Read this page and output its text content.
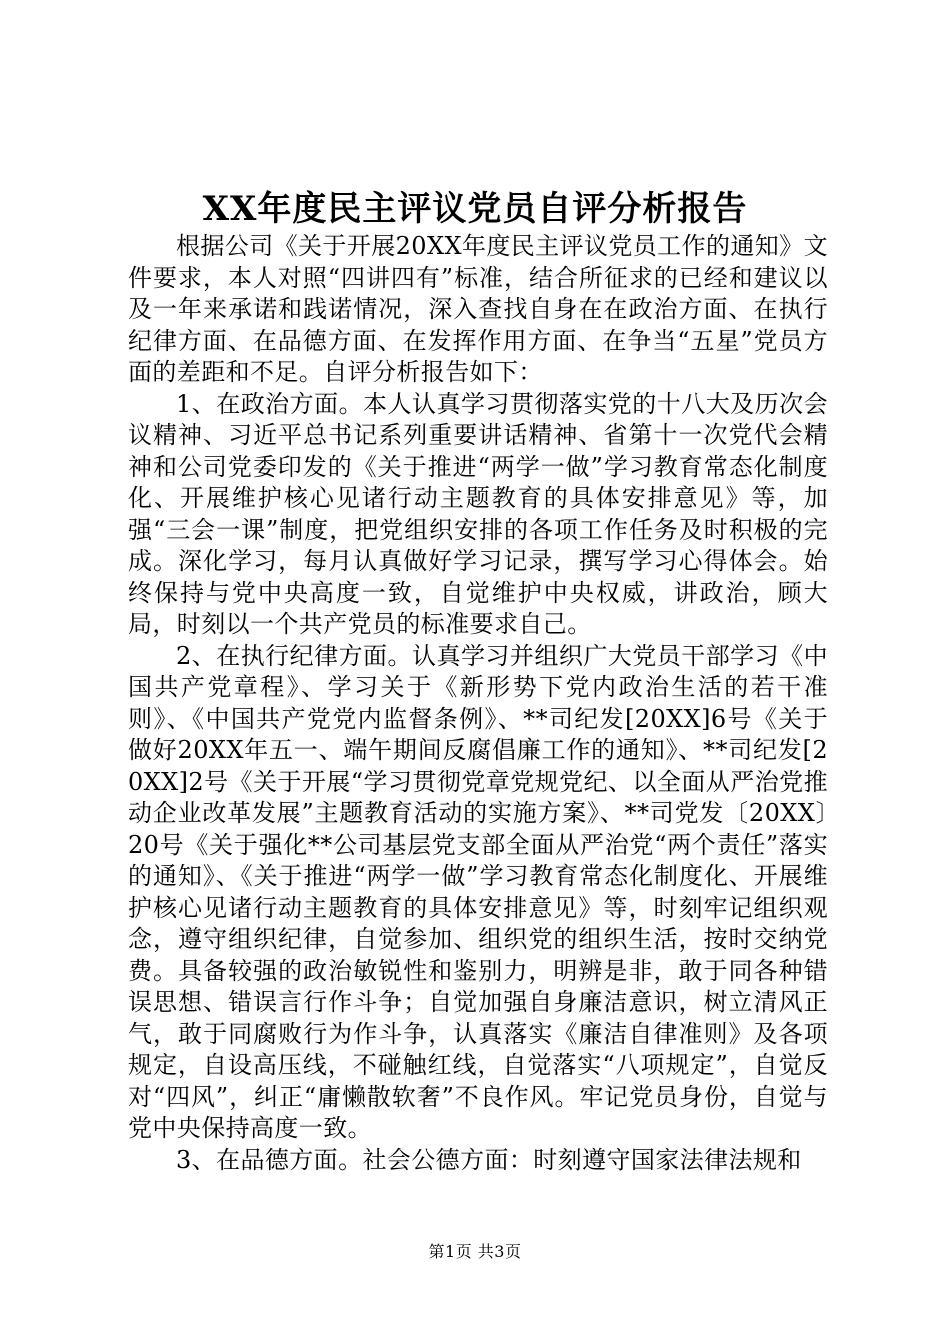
XX年度民主评议党员自评分析报告

根据公司《关于开展20XX年度民主评议党员工作的通知》文件要求，本人对照“四讲四有”标准，结合所征求的已经和建议以及一年来承诺和践诺情况，深入查找自身在在政治方面、在执行纪律方面、在品德方面、在发挥作用方面、在争当“五星”党员方面的差距和不足。自评分析报告如下：

1、在政治方面。本人认真学习贯彻落实党的十八大及历次会议精神、习近平总书记系列重要讲话精神、省第十一次党代会精神和公司党委印发的《关于推进“两学一做”学习教育常态化制度化、开展维护核心见诸行动主题教育的具体安排意见》等，加强“三会一课”制度，把党组织安排的各项工作任务及时积极的完成。深化学习，每月认真做好学习记录，撰写学习心得体会。始终保持与党中央高度一致，自觉维护中央权威，讲政治，顾大局，时刻以一个共产党员的标准要求自己。

2、在执行纪律方面。认真学习并组织广大党员干部学习《中国共产党章程》、学习关于《新形势下党内政治生活的若干准则》、《中国共产党党内监督条例》、**司纪发[20XX]6号《关于做好20XX年五一、端午期间反腐倡廉工作的通知》、**司纪发[20XX]2号《关于开展“学习贯彻党章党规党纪、以全面从严治党推动企业改革发展”主题教育活动的实施方案》、**司党发〔20XX〕20号《关于强化**公司基层党支部全面从严治党“两个责任”落实的通知》、《关于推进“两学一做”学习教育常态化制度化、开展维护核心见诸行动主题教育的具体安排意见》等，时刻牢记组织观念，遵守组织纪律，自觉参加、组织党的组织生活，按时交纳党费。具备较强的政治敏锐性和鉴别力，明辨是非，敢于同各种错误思想、错误言行作斗争；自觉加强自身廉洁意识，树立清风正气，敢于同腐败行为作斗争，认真落实《廉洁自律准则》及各项规定，自设高压线，不碰触红线，自觉落实“八项规定”，自觉反对“四风”，纠正“庸懒散软奢”不良作风。牢记党员身份，自觉与党中央保持高度一致。

3、在品德方面。社会公德方面：时刻遵守国家法律法规和

第1页 共3页
